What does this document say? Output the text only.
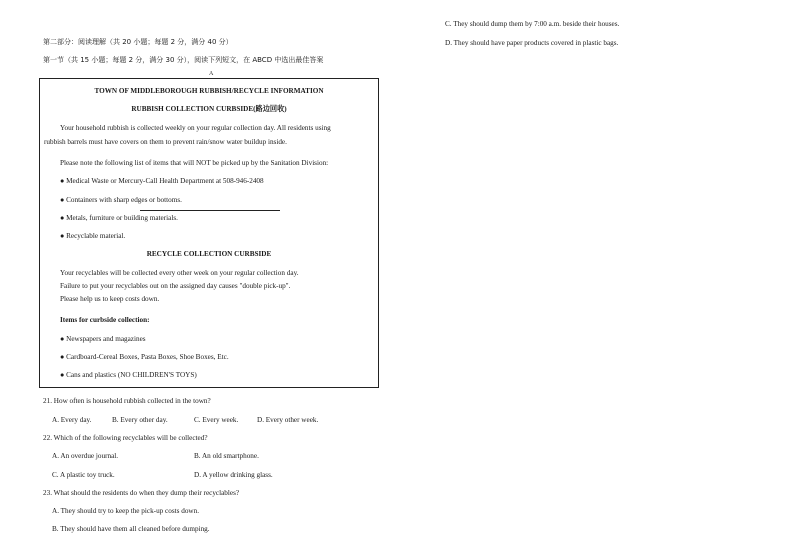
C. They should dump them by 7:00 a.m. beside their houses.
D. They should have paper products covered in plastic bags.
第二部分：阅读理解（共 20 小题；每题 2 分，满分 40 分）
第一节（共 15 小题；每题 2 分，满分 30 分），阅读下列短文，在 ABCD 中选出最佳答案
A
TOWN OF MIDDLEBOROUGH RUBBISH/RECYCLE INFORMATION
RUBBISH COLLECTION CURBSIDE(路边回收)
Your household rubbish is collected weekly on your regular collection day. All residents using
rubbish barrels must have covers on them to prevent rain/snow water buildup inside.
Please note the following list of items that will NOT be picked up by the Sanitation Division:
● Medical Waste or Mercury-Call Health Department at 508-946-2408
● Containers with sharp edges or bottoms.
● Metals, furniture or building materials.
● Recyclable material.
RECYCLE COLLECTION CURBSIDE
Your recyclables will be collected every other week on your regular collection day.
Failure to put your recyclables out on the assigned day causes "double pick-up".
Please help us to keep costs down.
Items for curbside collection:
● Newspapers and magazines
● Cardboard-Cereal Boxes, Pasta Boxes, Shoe Boxes, Etc.
● Cans and plastics (NO CHILDREN'S TOYS)
21. How often is household rubbish collected in the town?
A. Every day.	B. Every other day.	C. Every week.	D. Every other week.
22. Which of the following recyclables will be collected?
A. An overdue journal.	B. An old smartphone.
C. A plastic toy truck.	D. A yellow drinking glass.
23. What should the residents do when they dump their recyclables?
A. They should try to keep the pick-up costs down.
B. They should have them all cleaned before dumping.
